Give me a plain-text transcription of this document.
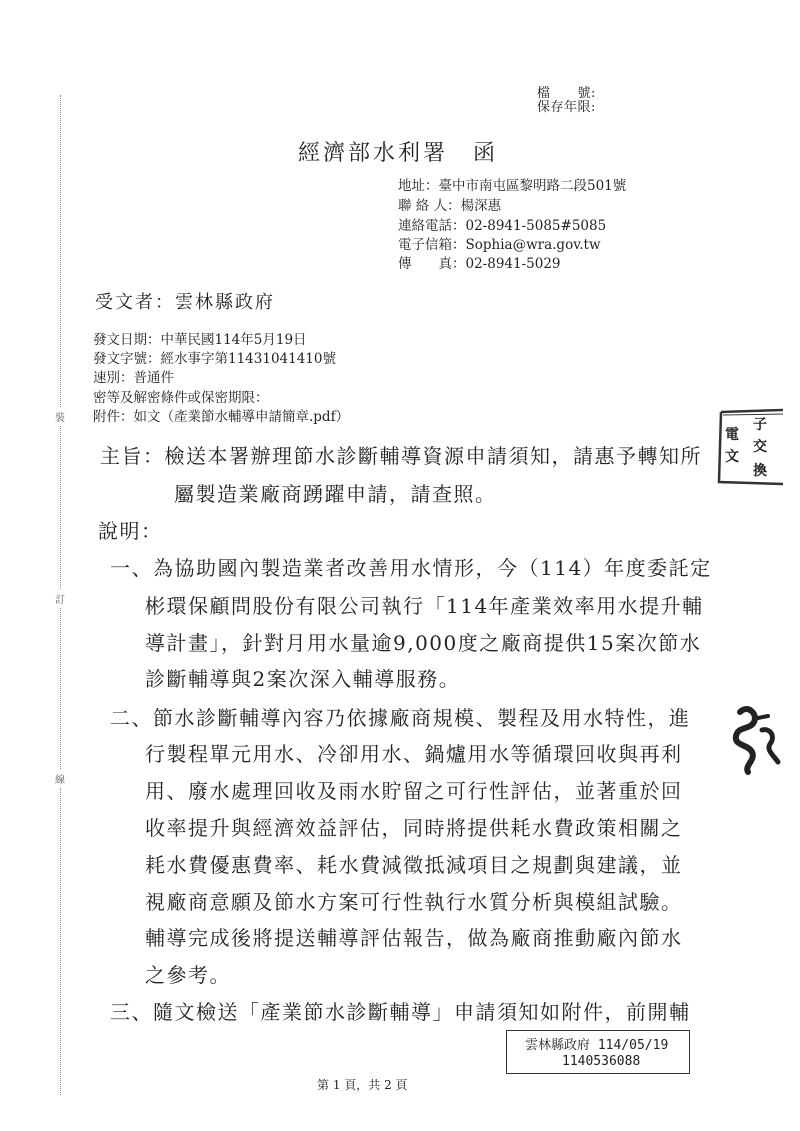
裝
訂
線
檔　　號:
保存年限:
經濟部水利署　函
地址：臺中市南屯區黎明路二段501號
聯 絡 人：楊深惠
連絡電話：02-8941-5085#5085
電子信箱：Sophia@wra.gov.tw
傳　　真：02-8941-5029
受文者：雲林縣政府
發文日期：中華民國114年5月19日
發文字號：經水事字第11431041410號
速別：普通件
密等及解密條件或保密期限：
附件：如文（產業節水輔導申請簡章.pdf）
主旨：檢送本署辦理節水診斷輔導資源申請須知，請惠予轉知所
屬製造業廠商踴躍申請，請查照。
說明：
一、為協助國內製造業者改善用水情形，今（114）年度委託定
彬環保顧問股份有限公司執行「114年產業效率用水提升輔
導計畫」，針對月用水量逾9,000度之廠商提供15案次節水
診斷輔導與2案次深入輔導服務。
二、節水診斷輔導內容乃依據廠商規模、製程及用水特性，進
行製程單元用水、冷卻用水、鍋爐用水等循環回收與再利
用、廢水處理回收及雨水貯留之可行性評估，並著重於回
收率提升與經濟效益評估，同時將提供耗水費政策相關之
耗水費優惠費率、耗水費減徵抵減項目之規劃與建議，並
視廠商意願及節水方案可行性執行水質分析與模組試驗。
輔導完成後將提送輔導評估報告，做為廠商推動廠內節水
之參考。
三、隨文檢送「產業節水診斷輔導」申請須知如附件，前開輔
電
子
文
交
換
第 1 頁，共 2 頁
雲林縣政府 114/05/19
1140536088
